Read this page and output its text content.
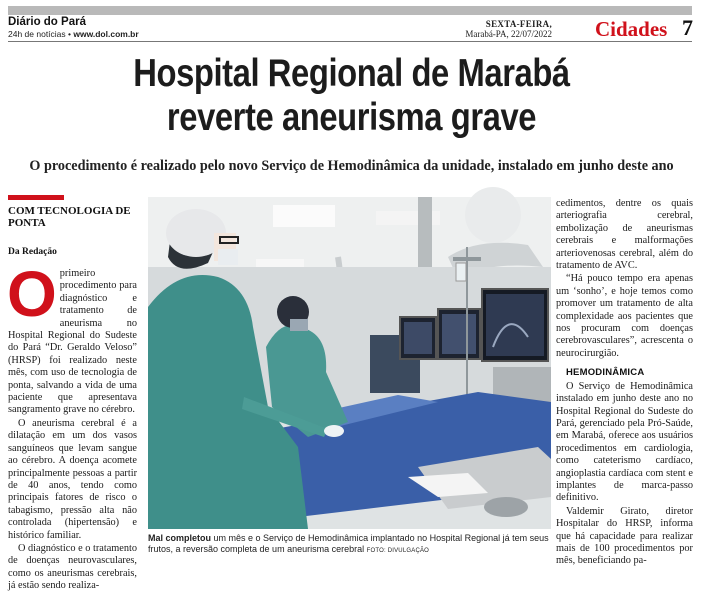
Diário do Pará
24h de notícias • www.dol.com.br
SEXTA-FEIRA,
Marabá-PA, 22/07/2022 Cidades 7
Hospital Regional de Marabá
reverte aneurisma grave
O procedimento é realizado pelo novo Serviço de Hemodinâmica da unidade, instalado em junho deste ano
COM TECNOLOGIA DE PONTA
Da Redação

Oprimeiro procedimento para diagnóstico e tratamento de aneurisma no Hospital Regional do Sudeste do Pará “Dr. Geraldo Veloso” (HRSP) foi realizado neste mês, com uso de tecnologia de ponta, salvando a vida de uma paciente que apresentava sangramento grave no cérebro.

O aneurisma cerebral é a dilatação em um dos vasos sanguíneos que levam sangue ao cérebro. A doença acomete principalmente pessoas a partir de 40 anos, tendo como principais fatores de risco o tabagismo, pressão alta não controlada (hipertensão) e histórico familiar.

O diagnóstico e o tratamento de doenças neurovasculares, como os aneurismas cerebrais, já estão sendo realiza-

Mal completou um mês e o Serviço de Hemodinâmica implantado no Hospital Regional já tem seus frutos, a reversão completa de um aneurisma cerebral FOTO: DIVULGAÇÃO

cedimentos, dentre os quais arteriografia cerebral, embolização de aneurismas cerebrais e malformações arteriovenosas cerebral, além do tratamento de AVC.

“Há pouco tempo era apenas um ‘sonho’, e hoje temos como promover um tratamento de alta complexidade aos pacientes que nos procuram com doenças cerebrovasculares”, acrescenta o neurocirurgião.

HEMODINÂMICA

O Serviço de Hemodinâmica instalado em junho deste ano no Hospital Regional do Sudeste do Pará, gerenciado pela Pró-Saúde, em Marabá, oferece aos usuários procedimentos em cardiologia, como cateterismo cardíaco, angioplastia cardíaca com stent e implantes de marca-passo definitivo.

Valdemir Girato, diretor Hospitalar do HRSP, informa que há capacidade para realizar mais de 100 procedimentos por mês, beneficiando pa-
